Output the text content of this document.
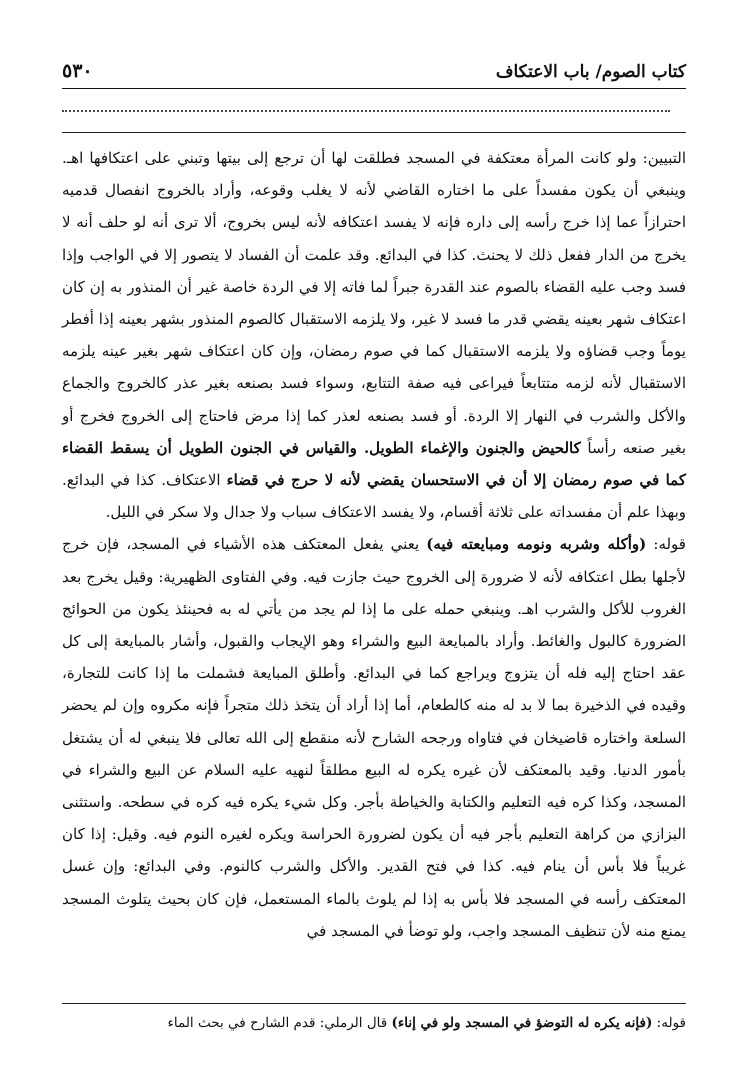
كتاب الصوم/ باب الاعتكاف
٥٣٠

التبيين: ولو كانت المرأة معتكفة في المسجد فطلقت لها أن ترجع إلى بيتها وتبني على اعتكافها اهـ. وينبغي أن يكون مفسداً على ما اختاره القاضي لأنه لا يغلب وقوعه، وأراد بالخروج انفصال قدميه احترازاً عما إذا خرج رأسه إلى داره فإنه لا يفسد اعتكافه لأنه ليس بخروج، ألا ترى أنه لو حلف أنه لا يخرج من الدار ففعل ذلك لا يحنث. كذا في البدائع. وقد علمت أن الفساد لا يتصور إلا في الواجب وإذا فسد وجب عليه القضاء بالصوم عند القدرة جبراً لما فاته إلا في الردة خاصة غير أن المنذور به إن كان اعتكاف شهر بعينه يقضي قدر ما فسد لا غير، ولا يلزمه الاستقبال كالصوم المنذور بشهر بعينه إذا أفطر يوماً وجب قضاؤه ولا يلزمه الاستقبال كما في صوم رمضان، وإن كان اعتكاف شهر بغير عينه يلزمه الاستقبال لأنه لزمه متتابعاً فيراعى فيه صفة التتابع، وسواء فسد بصنعه بغير عذر كالخروج والجماع والأكل والشرب في النهار إلا الردة. أو فسد بصنعه لعذر كما إذا مرض فاحتاج إلى الخروج فخرج أو بغير صنعه رأساً كالحيض والجنون والإغماء الطويل. والقياس في الجنون الطويل أن يسقط القضاء كما في صوم رمضان إلا أن في الاستحسان يقضي لأنه لا حرج في قضاء الاعتكاف. كذا في البدائع. وبهذا علم أن مفسداته على ثلاثة أقسام، ولا يفسد الاعتكاف سباب ولا جدال ولا سكر في الليل.

قوله: (وأكله وشربه ونومه ومبايعته فيه) يعني يفعل المعتكف هذه الأشياء في المسجد، فإن خرج لأجلها بطل اعتكافه لأنه لا ضرورة إلى الخروج حيث جازت فيه. وفي الفتاوى الظهيرية: وقيل يخرج بعد الغروب للأكل والشرب اهـ. وينبغي حمله على ما إذا لم يجد من يأتي له به فحينئذ يكون من الحوائج الضرورة كالبول والغائط. وأراد بالمبايعة البيع والشراء وهو الإيجاب والقبول، وأشار بالمبايعة إلى كل عقد احتاج إليه فله أن يتزوج ويراجع كما في البدائع. وأطلق المبايعة فشملت ما إذا كانت للتجارة، وقيده في الذخيرة بما لا بد له منه كالطعام، أما إذا أراد أن يتخذ ذلك متجراً فإنه مكروه وإن لم يحضر السلعة واختاره قاضيخان في فتاواه ورجحه الشارح لأنه منقطع إلى الله تعالى فلا ينبغي له أن يشتغل بأمور الدنيا. وقيد بالمعتكف لأن غيره يكره له البيع مطلقاً لنهيه عليه السلام عن البيع والشراء في المسجد، وكذا كره فيه التعليم والكتابة والخياطة بأجر. وكل شيء يكره فيه كره في سطحه. واستثنى البزازي من كراهة التعليم بأجر فيه أن يكون لضرورة الحراسة ويكره لغيره النوم فيه. وقيل: إذا كان غريباً فلا بأس أن ينام فيه. كذا في فتح القدير. والأكل والشرب كالنوم. وفي البدائع: وإن غسل المعتكف رأسه في المسجد فلا بأس به إذا لم يلوث بالماء المستعمل، فإن كان بحيث يتلوث المسجد يمنع منه لأن تنظيف المسجد واجب، ولو توضأ في المسجد في

قوله: (فإنه يكره له التوضؤ في المسجد ولو في إناء) قال الرملي: قدم الشارح في بحث الماء
